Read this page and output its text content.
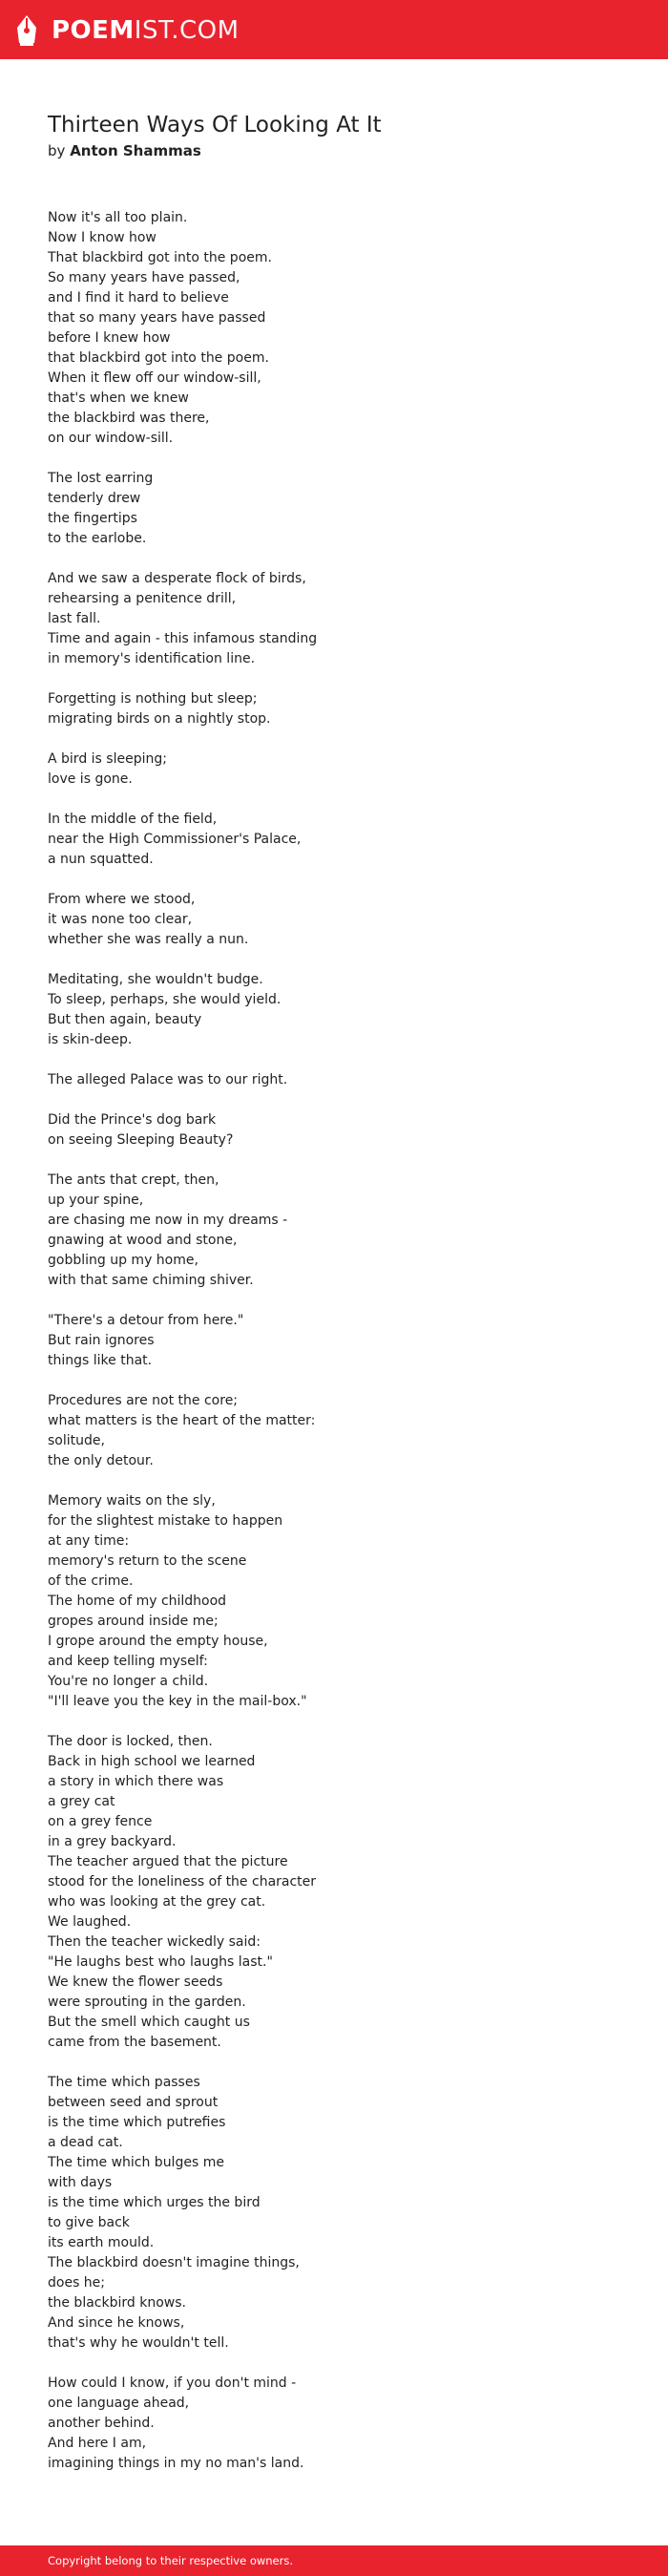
POEMIST.COM
Thirteen Ways Of Looking At It
by Anton Shammas
Now it's all too plain.
Now I know how
That blackbird got into the poem.
So many years have passed,
and I find it hard to believe
that so many years have passed
before I knew how
that blackbird got into the poem.
When it flew off our window-sill,
that's when we knew
the blackbird was there,
on our window-sill.
The lost earring
tenderly drew
the fingertips
to the earlobe.
And we saw a desperate flock of birds,
rehearsing a penitence drill,
last fall.
Time and again - this infamous standing
in memory's identification line.
Forgetting is nothing but sleep;
migrating birds on a nightly stop.
A bird is sleeping;
love is gone.
In the middle of the field,
near the High Commissioner's Palace,
a nun squatted.
From where we stood,
it was none too clear,
whether she was really a nun.
Meditating, she wouldn't budge.
To sleep, perhaps, she would yield.
But then again, beauty
is skin-deep.
The alleged Palace was to our right.
Did the Prince's dog bark
on seeing Sleeping Beauty?
The ants that crept, then,
up your spine,
are chasing me now in my dreams -
gnawing at wood and stone,
gobbling up my home,
with that same chiming shiver.
"There's a detour from here."
But rain ignores
things like that.
Procedures are not the core;
what matters is the heart of the matter:
solitude,
the only detour.
Memory waits on the sly,
for the slightest mistake to happen
at any time:
memory's return to the scene
of the crime.
The home of my childhood
gropes around inside me;
I grope around the empty house,
and keep telling myself:
You're no longer a child.
"I'll leave you the key in the mail-box."
The door is locked, then.
Back in high school we learned
a story in which there was
a grey cat
on a grey fence
in a grey backyard.
The teacher argued that the picture
stood for the loneliness of the character
who was looking at the grey cat.
We laughed.
Then the teacher wickedly said:
"He laughs best who laughs last."
We knew the flower seeds
were sprouting in the garden.
But the smell which caught us
came from the basement.
The time which passes
between seed and sprout
is the time which putrefies
a dead cat.
The time which bulges me
with days
is the time which urges the bird
to give back
its earth mould.
The blackbird doesn't imagine things,
does he;
the blackbird knows.
And since he knows,
that's why he wouldn't tell.
How could I know, if you don't mind -
one language ahead,
another behind.
And here I am,
imagining things in my no man's land.
Copyright belong to their respective owners.
